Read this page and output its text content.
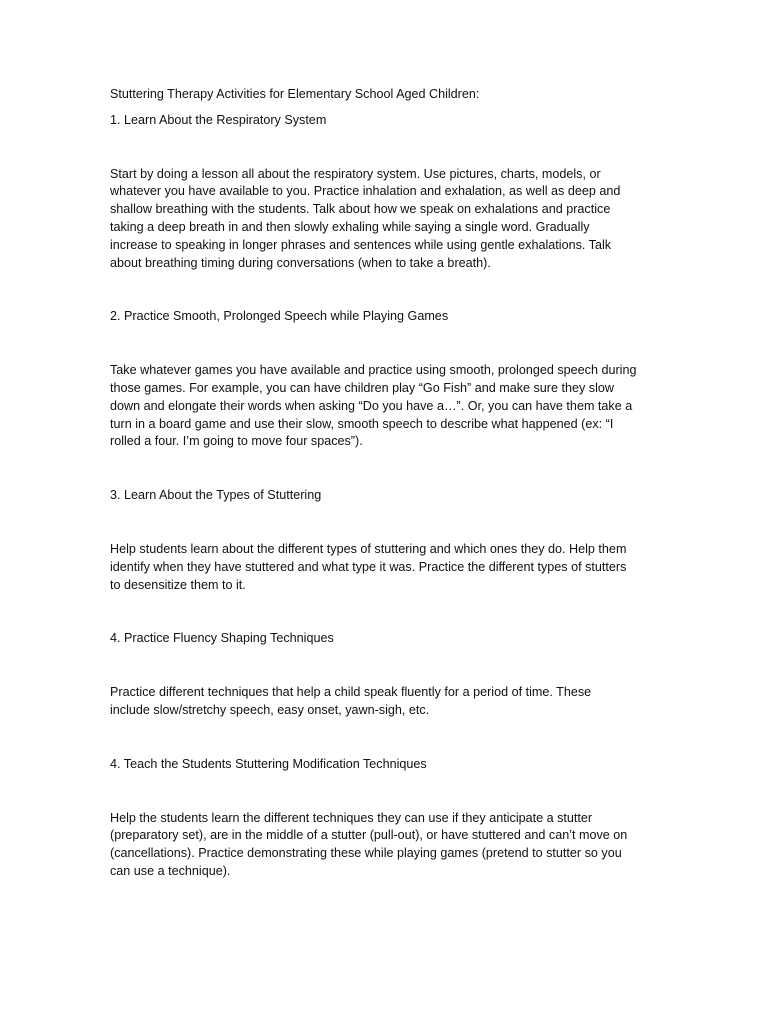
Stuttering Therapy Activities for Elementary School Aged Children:

1. Learn About the Respiratory System

Start by doing a lesson all about the respiratory system. Use pictures, charts, models, or
whatever you have available to you. Practice inhalation and exhalation, as well as deep and
shallow breathing with the students. Talk about how we speak on exhalations and practice
taking a deep breath in and then slowly exhaling while saying a single word. Gradually
increase to speaking in longer phrases and sentences while using gentle exhalations. Talk
about breathing timing during conversations (when to take a breath).

2. Practice Smooth, Prolonged Speech while Playing Games

Take whatever games you have available and practice using smooth, prolonged speech during
those games. For example, you can have children play “Go Fish” and make sure they slow
down and elongate their words when asking “Do you have a…”. Or, you can have them take a
turn in a board game and use their slow, smooth speech to describe what happened (ex: “I
rolled a four. I’m going to move four spaces”).

3. Learn About the Types of Stuttering

Help students learn about the different types of stuttering and which ones they do. Help them
identify when they have stuttered and what type it was. Practice the different types of stutters
to desensitize them to it.

4. Practice Fluency Shaping Techniques

Practice different techniques that help a child speak fluently for a period of time. These
include slow/stretchy speech, easy onset, yawn-sigh, etc.

4. Teach the Students Stuttering Modification Techniques

Help the students learn the different techniques they can use if they anticipate a stutter
(preparatory set), are in the middle of a stutter (pull-out), or have stuttered and can’t move on
(cancellations). Practice demonstrating these while playing games (pretend to stutter so you
can use a technique).
